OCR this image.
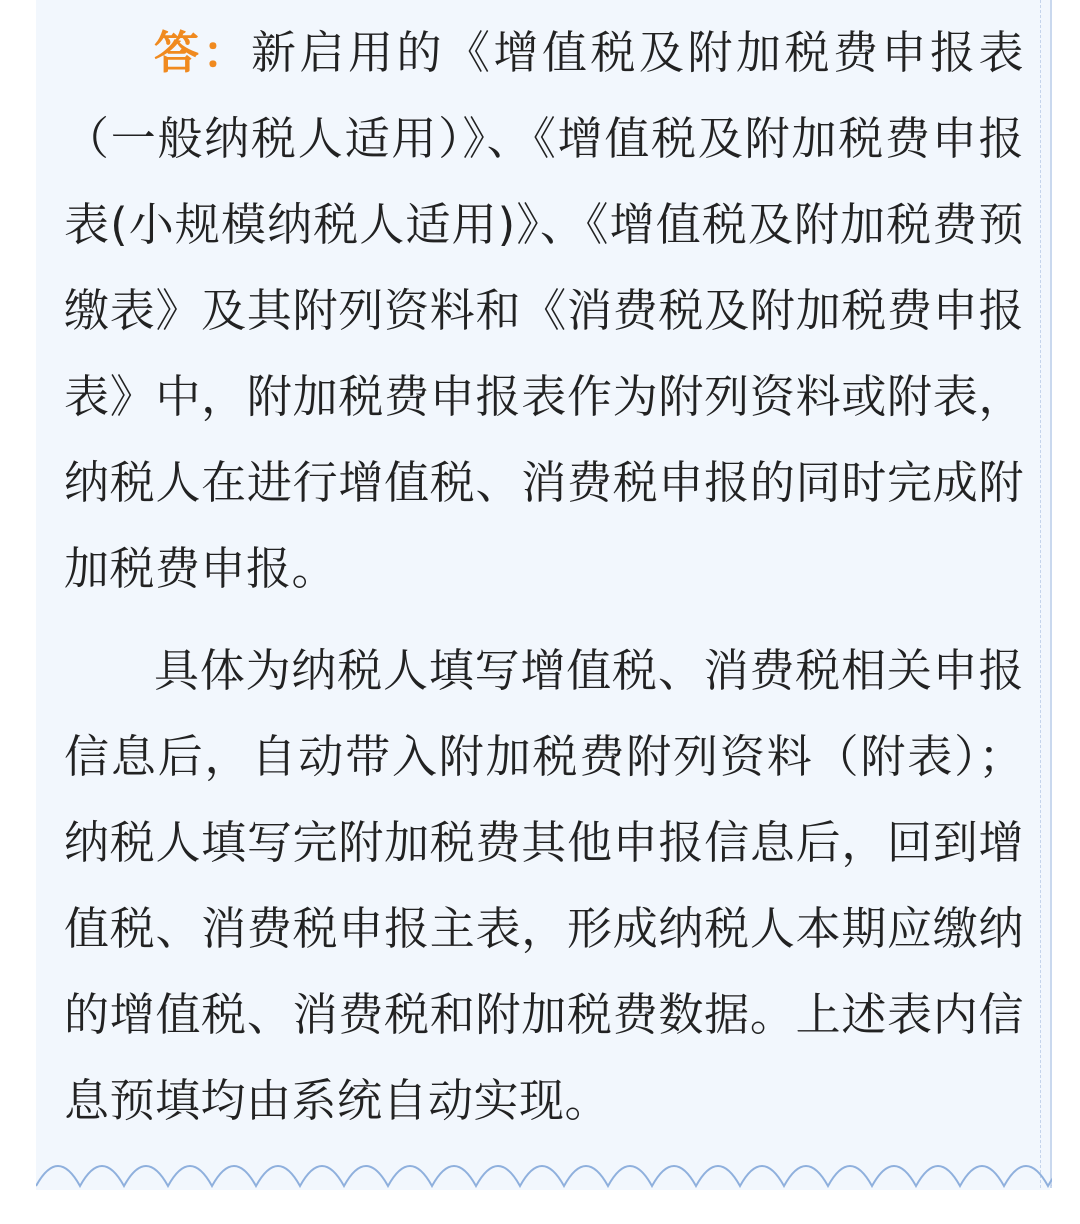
答：新启用的《增值税及附加税费申报表（一般纳税人适用）》、《增值税及附加税费申报表(小规模纳税人适用)》、《增值税及附加税费预缴表》及其附列资料和《消费税及附加税费申报表》中，附加税费申报表作为附列资料或附表，纳税人在进行增值税、消费税申报的同时完成附加税费申报。

具体为纳税人填写增值税、消费税相关申报信息后，自动带入附加税费附列资料（附表）；纳税人填写完附加税费其他申报信息后，回到增值税、消费税申报主表，形成纳税人本期应缴纳的增值税、消费税和附加税费数据。上述表内信息预填均由系统自动实现。
